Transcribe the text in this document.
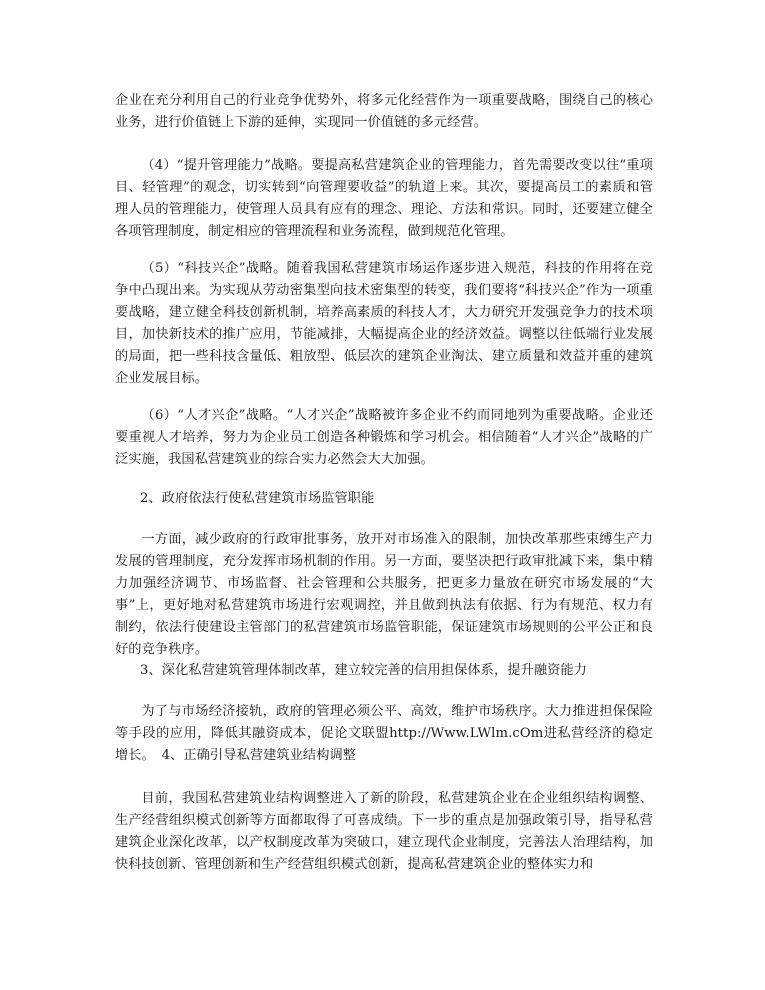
企业在充分利用自己的行业竞争优势外，将多元化经营作为一项重要战略，围绕自己的核心业务，进行价值链上下游的延伸，实现同一价值链的多元经营。

（4）“提升管理能力”战略。要提高私营建筑企业的管理能力，首先需要改变以往“重项目、轻管理”的观念，切实转到“向管理要收益”的轨道上来。其次，要提高员工的素质和管理人员的管理能力，使管理人员具有应有的理念、理论、方法和常识。同时，还要建立健全各项管理制度，制定相应的管理流程和业务流程，做到规范化管理。

（5）“科技兴企”战略。随着我国私营建筑市场运作逐步进入规范，科技的作用将在竞争中凸现出来。为实现从劳动密集型向技术密集型的转变，我们要将“科技兴企”作为一项重要战略，建立健全科技创新机制，培养高素质的科技人才，大力研究开发强竞争力的技术项目，加快新技术的推广应用，节能减排，大幅提高企业的经济效益。调整以往低端行业发展的局面，把一些科技含量低、粗放型、低层次的建筑企业淘汰、建立质量和效益并重的建筑企业发展目标。

（6）“人才兴企”战略。“人才兴企”战略被许多企业不约而同地列为重要战略。企业还要重视人才培养，努力为企业员工创造各种锻炼和学习机会。相信随着“人才兴企”战略的广泛实施，我国私营建筑业的综合实力必然会大大加强。

2、政府依法行使私营建筑市场监管职能

一方面，减少政府的行政审批事务，放开对市场准入的限制，加快改革那些束缚生产力发展的管理制度，充分发挥市场机制的作用。另一方面，要坚决把行政审批减下来，集中精力加强经济调节、市场监督、社会管理和公共服务，把更多力量放在研究市场发展的“大事”上，更好地对私营建筑市场进行宏观调控，并且做到执法有依据、行为有规范、权力有制约，依法行使建设主管部门的私营建筑市场监管职能，保证建筑市场规则的公平公正和良好的竞争秩序。

3、深化私营建筑管理体制改革，建立较完善的信用担保体系，提升融资能力

为了与市场经济接轨，政府的管理必须公平、高效，维护市场秩序。大力推进担保保险等手段的应用，降低其融资成本，促论文联盟http://Www.LWlm.cOm进私营经济的稳定增长。　 4、正确引导私营建筑业结构调整

目前，我国私营建筑业结构调整进入了新的阶段，私营建筑企业在企业组织结构调整、生产经营组织模式创新等方面都取得了可喜成绩。下一步的重点是加强政策引导，指导私营建筑企业深化改革，以产权制度改革为突破口，建立现代企业制度，完善法人治理结构，加快科技创新、管理创新和生产经营组织模式创新，提高私营建筑企业的整体实力和
